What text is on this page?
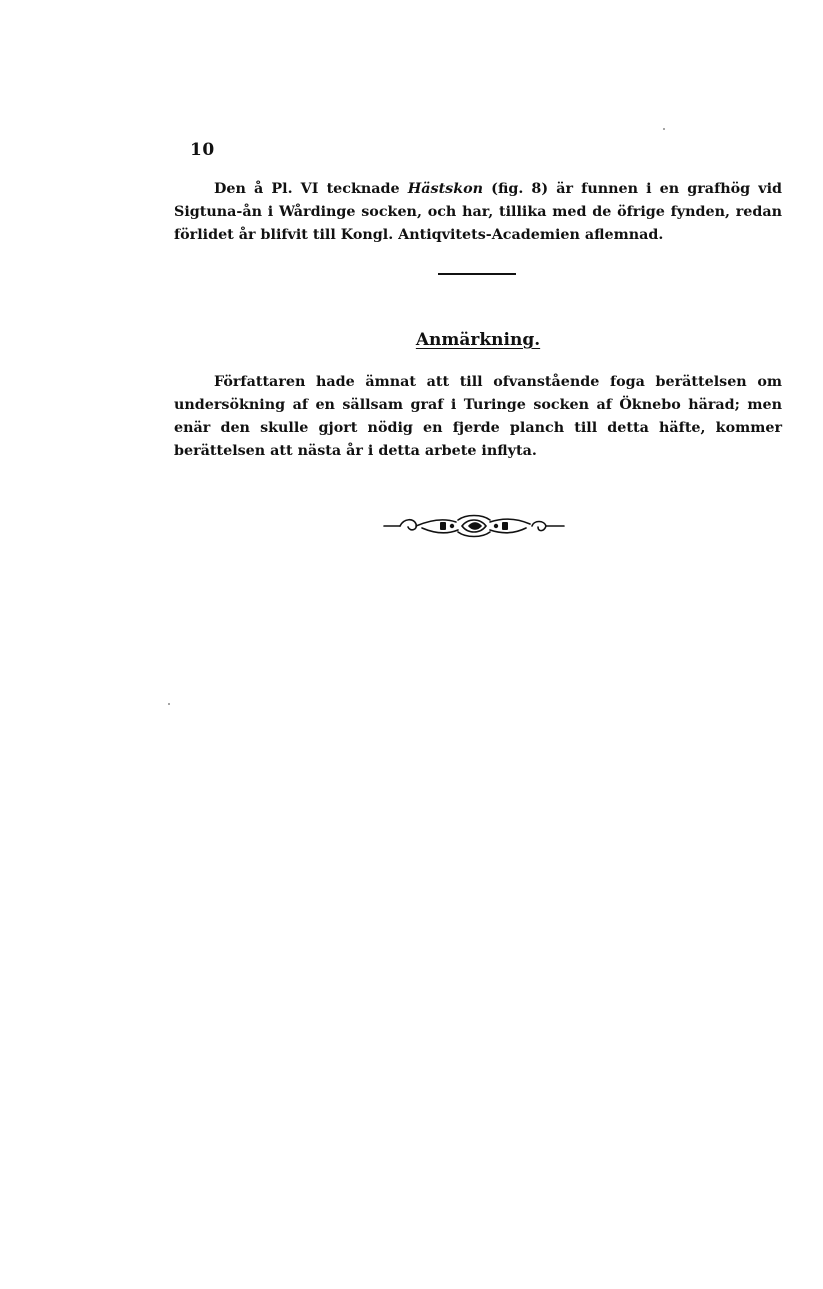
10

Den å Pl. VI tecknade Hästskon (fig. 8) är funnen i en grafhög vid Sigtuna-ån i Wårdinge socken, och har, tillika med de öfrige fynden, redan förlidet år blifvit till Kongl. Antiqvitets-Academien aflemnad.

Anmärkning.

Författaren hade ämnat att till ofvanstående foga berättelsen om undersökning af en sällsam graf i Turinge socken af Öknebo härad; men enär den skulle gjort nödig en fjerde planch till detta häfte, kommer berättelsen att nästa år i detta arbete inflyta.
